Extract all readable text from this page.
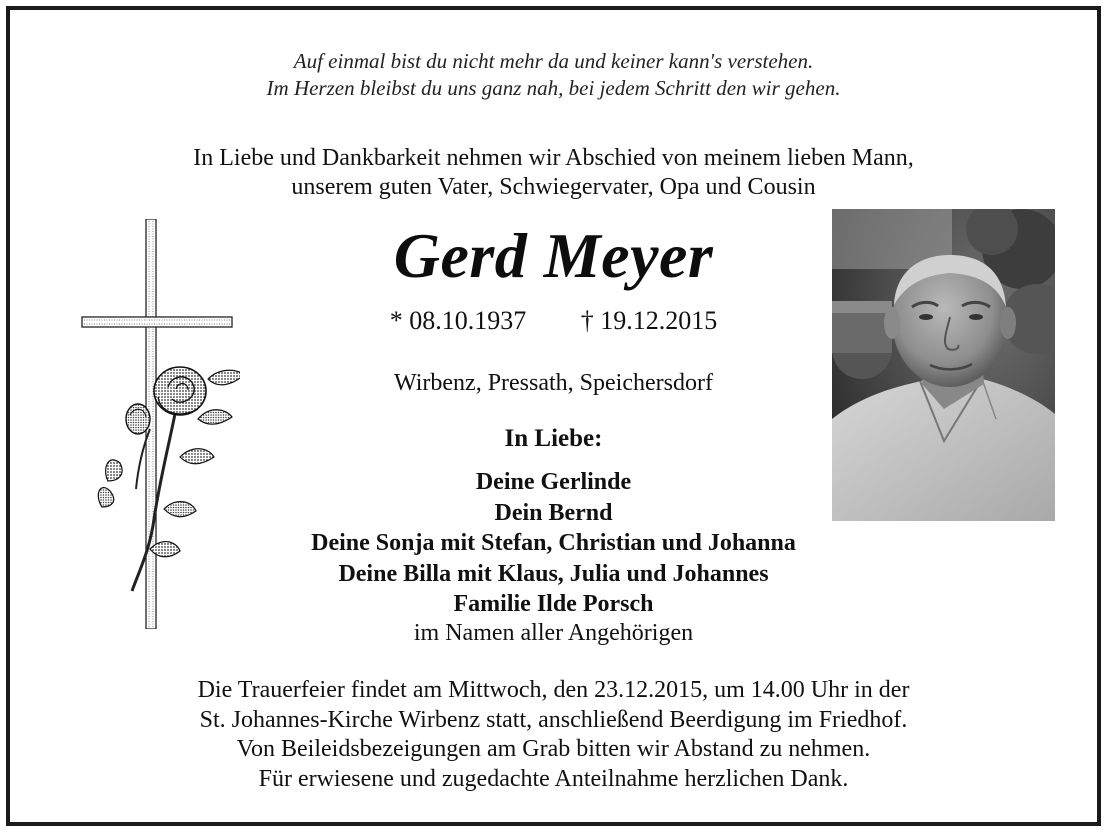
Auf einmal bist du nicht mehr da und keiner kann's verstehen.
Im Herzen bleibst du uns ganz nah, bei jedem Schritt den wir gehen.
In Liebe und Dankbarkeit nehmen wir Abschied von meinem lieben Mann,
unserem guten Vater, Schwiegervater, Opa und Cousin
Gerd Meyer
* 08.10.1937 † 19.12.2015
Wirbenz, Pressath, Speichersdorf
In Liebe:
Deine Gerlinde
Dein Bernd
Deine Sonja mit Stefan, Christian und Johanna
Deine Billa mit Klaus, Julia und Johannes
Familie Ilde Porsch
im Namen aller Angehörigen
Die Trauerfeier findet am Mittwoch, den 23.12.2015, um 14.00 Uhr in der
St. Johannes-Kirche Wirbenz statt, anschließend Beerdigung im Friedhof.
Von Beileidsbezeigungen am Grab bitten wir Abstand zu nehmen.
Für erwiesene und zugedachte Anteilnahme herzlichen Dank.
